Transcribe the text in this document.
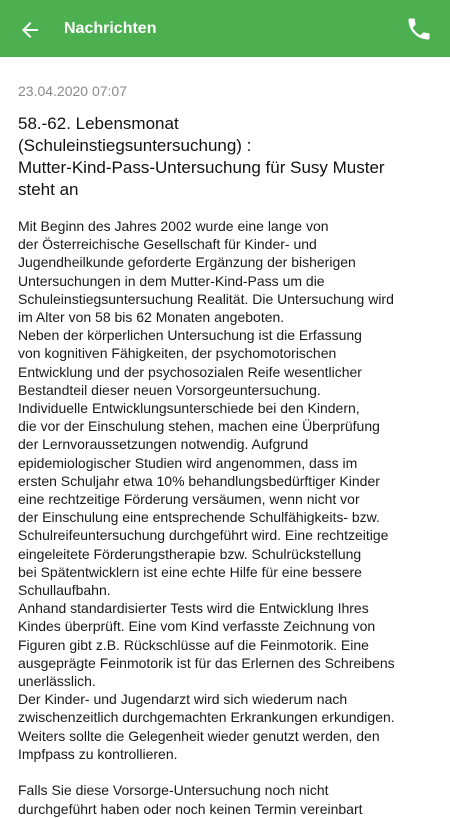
Nachrichten
23.04.2020 07:07
58.-62. Lebensmonat
(Schuleinstiegsuntersuchung) :
Mutter-Kind-Pass-Untersuchung für Susy Muster
steht an
Mit Beginn des Jahres 2002 wurde eine lange von
der Österreichische Gesellschaft für Kinder- und
Jugendheilkunde geforderte Ergänzung der bisherigen
Untersuchungen in dem Mutter-Kind-Pass um die
Schuleinstiegsuntersuchung Realität. Die Untersuchung wird
im Alter von 58 bis 62 Monaten angeboten.
Neben der körperlichen Untersuchung ist die Erfassung
von kognitiven Fähigkeiten, der psychomotorischen
Entwicklung und der psychosozialen Reife wesentlicher
Bestandteil dieser neuen Vorsorgeuntersuchung.
Individuelle Entwicklungsunterschiede bei den Kindern,
die vor der Einschulung stehen, machen eine Überprüfung
der Lernvoraussetzungen notwendig. Aufgrund
epidemiologischer Studien wird angenommen, dass im
ersten Schuljahr etwa 10% behandlungsbedürftiger Kinder
eine rechtzeitige Förderung versäumen, wenn nicht vor
der Einschulung eine entsprechende Schulfähigkeits- bzw.
Schulreifeuntersuchung durchgeführt wird. Eine rechtzeitige
eingeleitete Förderungstherapie bzw. Schulrückstellung
bei Spätentwicklern ist eine echte Hilfe für eine bessere
Schullaufbahn.
Anhand standardisierter Tests wird die Entwicklung Ihres
Kindes überprüft. Eine vom Kind verfasste Zeichnung von
Figuren gibt z.B. Rückschlüsse auf die Feinmotorik. Eine
ausgeprägte Feinmotorik ist für das Erlernen des Schreibens
unerlässlich.
Der Kinder- und Jugendarzt wird sich wiederum nach
zwischenzeitlich durchgemachten Erkrankungen erkundigen.
Weiters sollte die Gelegenheit wieder genutzt werden, den
Impfpass zu kontrollieren.

Falls Sie diese Vorsorge-Untersuchung noch nicht
durchgeführt haben oder noch keinen Termin vereinbart
